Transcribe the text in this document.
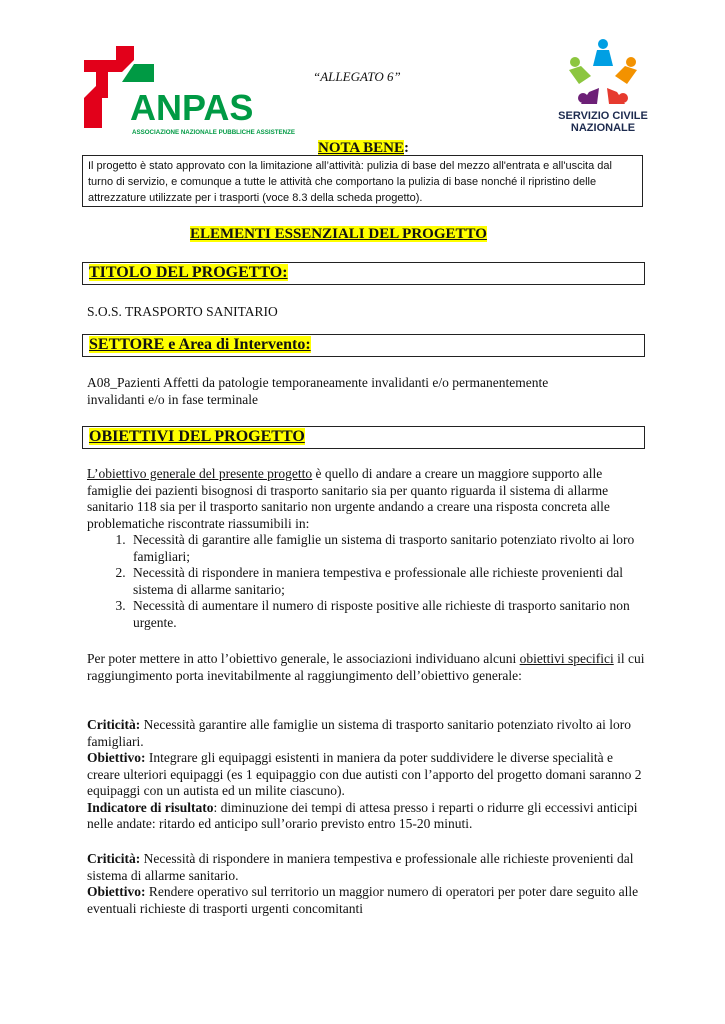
ANPAS
ASSOCIAZIONE NAZIONALE PUBBLICHE ASSISTENZE
“ALLEGATO 6”
SERVIZIO CIVILE
NAZIONALE
NOTA BENE:
Il progetto è stato approvato con la limitazione all’attività: pulizia di base del mezzo all'entrata e all'uscita dal turno di servizio, e comunque a tutte le attività che comportano la pulizia di base nonché il ripristino delle attrezzature utilizzate per i trasporti (voce 8.3 della scheda progetto).
ELEMENTI ESSENZIALI DEL PROGETTO
TITOLO DEL PROGETTO:
S.O.S. TRASPORTO SANITARIO
SETTORE e Area di Intervento:
A08_Pazienti Affetti da patologie temporaneamente invalidanti e/o permanentemente invalidanti e/o in fase terminale
OBIETTIVI DEL PROGETTO
L’obiettivo generale del presente progetto è quello di andare a creare un maggiore supporto alle famiglie dei pazienti bisognosi di trasporto sanitario sia per quanto riguarda il sistema di allarme sanitario 118 sia per il trasporto sanitario non urgente andando a creare una risposta concreta alle problematiche riscontrate riassumibili in:
1. Necessità di garantire alle famiglie un sistema di trasporto sanitario potenziato rivolto ai loro famigliari;
2. Necessità di rispondere in maniera tempestiva e professionale alle richieste provenienti dal sistema di allarme sanitario;
3. Necessità di aumentare il numero di risposte positive alle richieste di trasporto sanitario non urgente.
Per poter mettere in atto l’obiettivo generale, le associazioni individuano alcuni obiettivi specifici il cui raggiungimento porta inevitabilmente al raggiungimento dell’obiettivo generale:
Criticità: Necessità garantire alle famiglie un sistema di trasporto sanitario potenziato rivolto ai loro famigliari.
Obiettivo: Integrare gli equipaggi esistenti in maniera da poter suddividere le diverse specialità e creare ulteriori equipaggi (es 1 equipaggio con due autisti con l’apporto del progetto domani saranno 2 equipaggi con un autista ed un milite ciascuno).
Indicatore di risultato: diminuzione dei tempi di attesa presso i reparti o ridurre gli eccessivi anticipi nelle andate: ritardo ed anticipo sull’orario previsto entro 15-20 minuti.
Criticità: Necessità di rispondere in maniera tempestiva e professionale alle richieste provenienti dal sistema di allarme sanitario.
Obiettivo: Rendere operativo sul territorio un maggior numero di operatori per poter dare seguito alle eventuali richieste di trasporti urgenti concomitanti
